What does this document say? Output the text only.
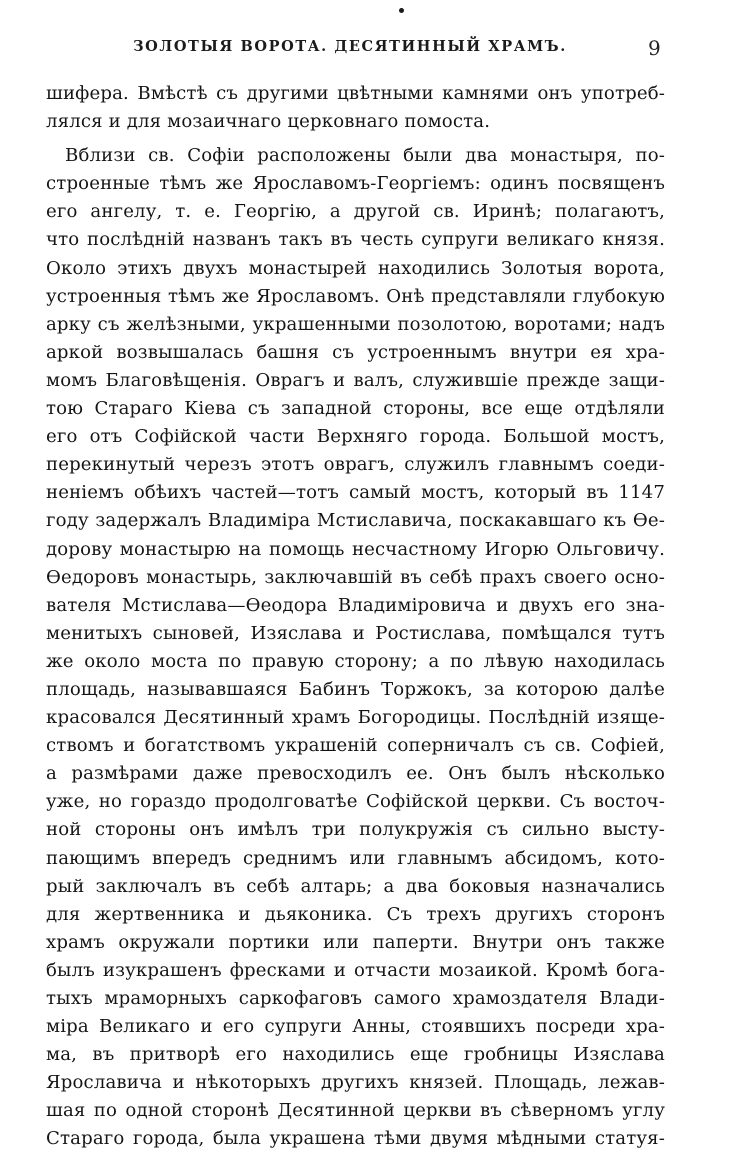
ЗОЛОТЫЯ ВОРОТА. ДЕСЯТИННЫЙ ХРАМЪ.	9
шифера. Вмѣстѣ съ другими цвѣтными камнями онъ употреб-
лялся и для мозаичнаго церковнаго помоста.
Вблизи св. Софіи расположены были два монастыря, по-
строенные тѣмъ же Ярославомъ-Георгіемъ: одинъ посвященъ
его ангелу, т. е. Георгію, а другой св. Иринѣ; полагаютъ,
что послѣдній названъ такъ въ честь супруги великаго князя.
Около этихъ двухъ монастырей находились Золотыя ворота,
устроенныя тѣмъ же Ярославомъ. Онѣ представляли глубокую
арку съ желѣзными, украшенными позолотою, воротами; надъ
аркой возвышалась башня съ устроеннымъ внутри ея хра-
момъ Благовѣщенія. Оврагъ и валъ, служившіе прежде защи-
тою Стараго Кіева съ западной стороны, все еще отдѣляли
его отъ Софійской части Верхняго города. Большой мостъ,
перекинутый черезъ этотъ оврагъ, служилъ главнымъ соеди-
неніемъ обѣихъ частей—тотъ самый мостъ, который въ 1147
году задержалъ Владиміра Мстиславича, поскакавшаго къ Ѳе-
дорову монастырю на помощь несчастному Игорю Ольговичу.
Ѳедоровъ монастырь, заключавшій въ себѣ прахъ своего осно-
вателя Мстислава—Ѳеодора Владиміровича и двухъ его зна-
менитыхъ сыновей, Изяслава и Ростислава, помѣщался тутъ
же около моста по правую сторону; а по лѣвую находилась
площадь, называвшаяся Бабинъ Торжокъ, за которою далѣе
красовался Десятинный храмъ Богородицы. Послѣдній изяще-
ствомъ и богатствомъ украшеній соперничалъ съ св. Софіей,
а размѣрами даже превосходилъ ее. Онъ былъ нѣсколько
уже, но гораздо продолговатѣе Софійской церкви. Съ восточ-
ной стороны онъ имѣлъ три полукружія съ сильно высту-
пающимъ впередъ среднимъ или главнымъ абсидомъ, кото-
рый заключалъ въ себѣ алтарь; а два боковыя назначались
для жертвенника и дьяконика. Съ трехъ другихъ сторонъ
храмъ окружали портики или паперти. Внутри онъ также
былъ изукрашенъ фресками и отчасти мозаикой. Кромѣ бога-
тыхъ мраморныхъ саркофаговъ самого храмоздателя Влади-
міра Великаго и его супруги Анны, стоявшихъ посреди хра-
ма, въ притворѣ его находились еще гробницы Изяслава
Ярославича и нѣкоторыхъ другихъ князей. Площадь, лежав-
шая по одной сторонѣ Десятинной церкви въ сѣверномъ углу
Стараго города, была украшена тѣми двумя мѣдными статуя-
